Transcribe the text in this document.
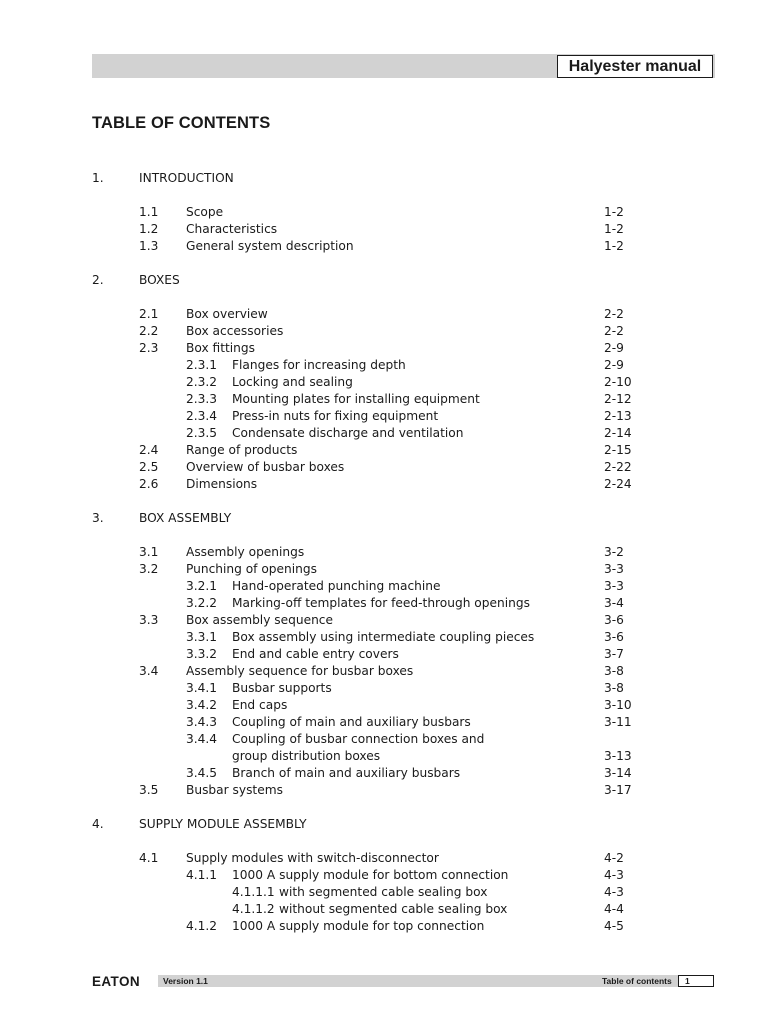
Halyester manual
TABLE OF CONTENTS
1.	INTRODUCTION
1.1 Scope	1-2
1.2 Characteristics	1-2
1.3 General system description	1-2
2.	BOXES
2.1 Box overview	2-2
2.2 Box accessories	2-2
2.3 Box fittings	2-9
2.3.1 Flanges for increasing depth	2-9
2.3.2 Locking and sealing	2-10
2.3.3 Mounting plates for installing equipment	2-12
2.3.4 Press-in nuts for fixing equipment	2-13
2.3.5 Condensate discharge and ventilation	2-14
2.4 Range of products	2-15
2.5 Overview of busbar boxes	2-22
2.6 Dimensions	2-24
3.	BOX ASSEMBLY
3.1 Assembly openings	3-2
3.2 Punching of openings	3-3
3.2.1 Hand-operated punching machine	3-3
3.2.2 Marking-off templates for feed-through openings	3-4
3.3 Box assembly sequence	3-6
3.3.1 Box assembly using intermediate coupling pieces	3-6
3.3.2 End and cable entry covers	3-7
3.4 Assembly sequence for busbar boxes	3-8
3.4.1 Busbar supports	3-8
3.4.2 End caps	3-10
3.4.3 Coupling of main and auxiliary busbars	3-11
3.4.4 Coupling of busbar connection boxes and
group distribution boxes	3-13
3.4.5 Branch of main and auxiliary busbars	3-14
3.5 Busbar systems	3-17
4.	SUPPLY MODULE ASSEMBLY
4.1 Supply modules with switch-disconnector	4-2
4.1.1 1000 A supply module for bottom connection	4-3
4.1.1.1 with segmented cable sealing box	4-3
4.1.1.2 without segmented cable sealing box	4-4
4.1.2 1000 A supply module for top connection	4-5
EATON	Version 1.1	Table of contents	1
